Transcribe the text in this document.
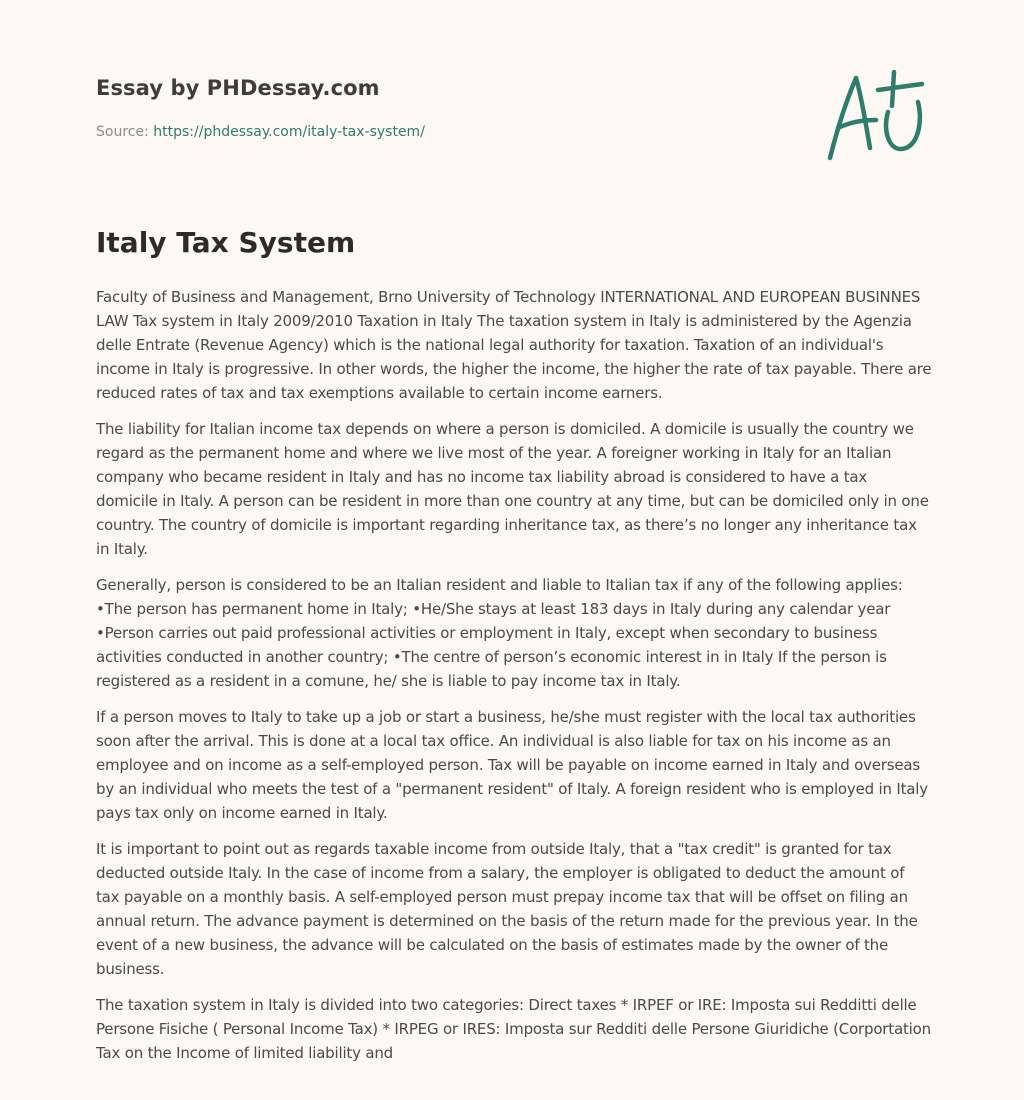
Essay by PHDessay.com
Source: https://phdessay.com/italy-tax-system/
Italy Tax System

Faculty of Business and Management, Brno University of Technology INTERNATIONAL AND EUROPEAN BUSINNES LAW Tax system in Italy 2009/2010 Taxation in Italy The taxation system in Italy is administered by the Agenzia delle Entrate (Revenue Agency) which is the national legal authority for taxation. Taxation of an individual's income in Italy is progressive. In other words, the higher the income, the higher the rate of tax payable. There are reduced rates of tax and tax exemptions available to certain income earners.

The liability for Italian income tax depends on where a person is domiciled. A domicile is usually the country we regard as the permanent home and where we live most of the year. A foreigner working in Italy for an Italian company who became resident in Italy and has no income tax liability abroad is considered to have a tax domicile in Italy. A person can be resident in more than one country at any time, but can be domiciled only in one country. The country of domicile is important regarding inheritance tax, as there’s no longer any inheritance tax in Italy.

Generally, person is considered to be an Italian resident and liable to Italian tax if any of the following applies: •The person has permanent home in Italy; •He/She stays at least 183 days in Italy during any calendar year •Person carries out paid professional activities or employment in Italy, except when secondary to business activities conducted in another country; •The centre of person’s economic interest in in Italy If the person is registered as a resident in a comune, he/ she is liable to pay income tax in Italy.

If a person moves to Italy to take up a job or start a business, he/she must register with the local tax authorities soon after the arrival. This is done at a local tax office. An individual is also liable for tax on his income as an employee and on income as a self-employed person. Tax will be payable on income earned in Italy and overseas by an individual who meets the test of a "permanent resident" of Italy. A foreign resident who is employed in Italy pays tax only on income earned in Italy.

It is important to point out as regards taxable income from outside Italy, that a "tax credit" is granted for tax deducted outside Italy. In the case of income from a salary, the employer is obligated to deduct the amount of tax payable on a monthly basis. A self-employed person must prepay income tax that will be offset on filing an annual return. The advance payment is determined on the basis of the return made for the previous year. In the event of a new business, the advance will be calculated on the basis of estimates made by the owner of the business.

The taxation system in Italy is divided into two categories: Direct taxes * IRPEF or IRE: Imposta sui Redditti delle Persone Fisiche ( Personal Income Tax) * IRPEG or IRES: Imposta sur Redditi delle Persone Giuridiche (Corportation Tax on the Income of limited liability and
